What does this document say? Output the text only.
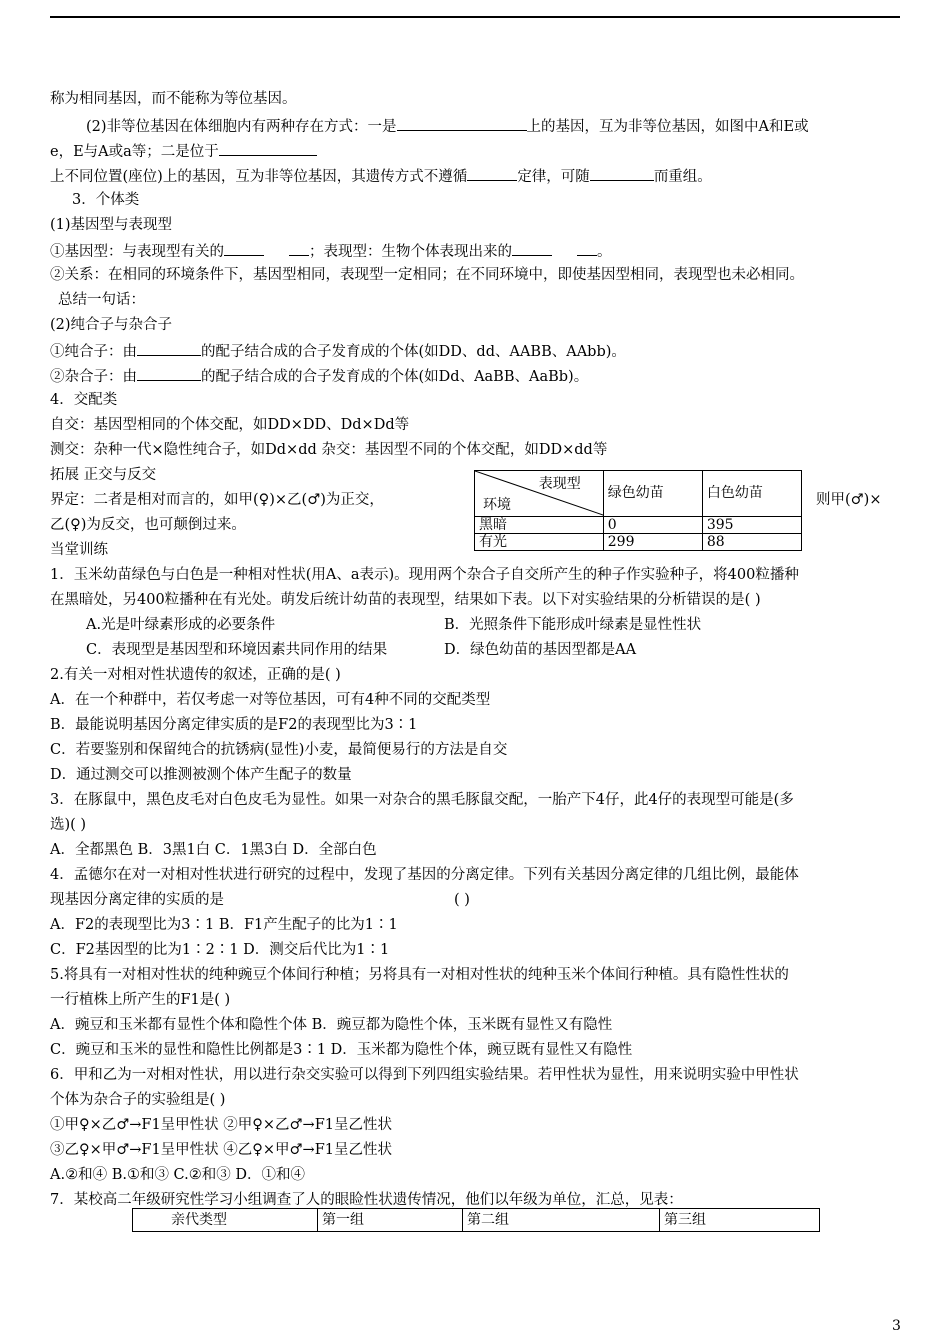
称为相同基因，而不能称为等位基因。
(2)非等位基因在体细胞内有两种存在方式：一是	上的基因，互为非等位基因，如图中A和E或
e，E与A或a等；二是位于
上不同位置(座位)上的基因，互为非等位基因，其遗传方式不遵循	定律，可随	而重组。
3．个体类
(1)基因型与表现型
①基因型：与表现型有关的	；表现型：生物个体表现出来的	。
②关系：在相同的环境条件下，基因型相同，表现型一定相同；在不同环境中，即使基因型相同，表现型也未必相同。
总结一句话：
(2)纯合子与杂合子
①纯合子：由	的配子结合成的合子发育成的个体(如DD、dd、AABB、AAbb)。
②杂合子：由	的配子结合成的合子发育成的个体(如Dd、AaBB、AaBb)。
4．交配类
自交：基因型相同的个体交配，如DD×DD、Dd×Dd等
测交：杂种一代×隐性纯合子，如Dd×dd 杂交：基因型不同的个体交配，如DD×dd等
拓展 正交与反交
界定：二者是相对而言的，如甲(♀)×乙(♂)为正交，	则甲(♂)×
乙(♀)为反交，也可颠倒过来。
当堂训练
表现型
环境	绿色幼苗	白色幼苗
黑暗	0	395
有光	299	88
1．玉米幼苗绿色与白色是一种相对性状(用A、a表示)。现用两个杂合子自交所产生的种子作实验种子，将400粒播种
在黑暗处，另400粒播种在有光处。萌发后统计幼苗的表现型，结果如下表。以下对实验结果的分析错误的是( )
A.光是叶绿素形成的必要条件	B．光照条件下能形成叶绿素是显性性状
C．表现型是基因型和环境因素共同作用的结果	D．绿色幼苗的基因型都是AA
2.有关一对相对性状遗传的叙述，正确的是( )
A．在一个种群中，若仅考虑一对等位基因，可有4种不同的交配类型
B．最能说明基因分离定律实质的是F2的表现型比为3∶1
C．若要鉴别和保留纯合的抗锈病(显性)小麦，最简便易行的方法是自交
D．通过测交可以推测被测个体产生配子的数量
3．在豚鼠中，黑色皮毛对白色皮毛为显性。如果一对杂合的黑毛豚鼠交配，一胎产下4仔，此4仔的表现型可能是(多
选)( )
A．全都黑色 B．3黑1白 C．1黑3白 D．全部白色
4．孟德尔在对一对相对性状进行研究的过程中，发现了基因的分离定律。下列有关基因分离定律的几组比例，最能体
现基因分离定律的实质的是	( )
A．F2的表现型比为3∶1 B．F1产生配子的比为1∶1
C．F2基因型的比为1∶2∶1 D．测交后代比为1∶1
5.将具有一对相对性状的纯种豌豆个体间行种植；另将具有一对相对性状的纯种玉米个体间行种植。具有隐性性状的
一行植株上所产生的F1是( )
A．豌豆和玉米都有显性个体和隐性个体 B．豌豆都为隐性个体，玉米既有显性又有隐性
C．豌豆和玉米的显性和隐性比例都是3∶1 D．玉米都为隐性个体，豌豆既有显性又有隐性
6．甲和乙为一对相对性状，用以进行杂交实验可以得到下列四组实验结果。若甲性状为显性，用来说明实验中甲性状
个体为杂合子的实验组是( )
①甲♀×乙♂→F1呈甲性状 ②甲♀×乙♂→F1呈乙性状
③乙♀×甲♂→F1呈甲性状 ④乙♀×甲♂→F1呈乙性状
A.②和④ B.①和③ C.②和③ D．①和④
7．某校高二年级研究性学习小组调查了人的眼睑性状遗传情况，他们以年级为单位，汇总，见表：
亲代类型	第一组	第二组	第三组
3
